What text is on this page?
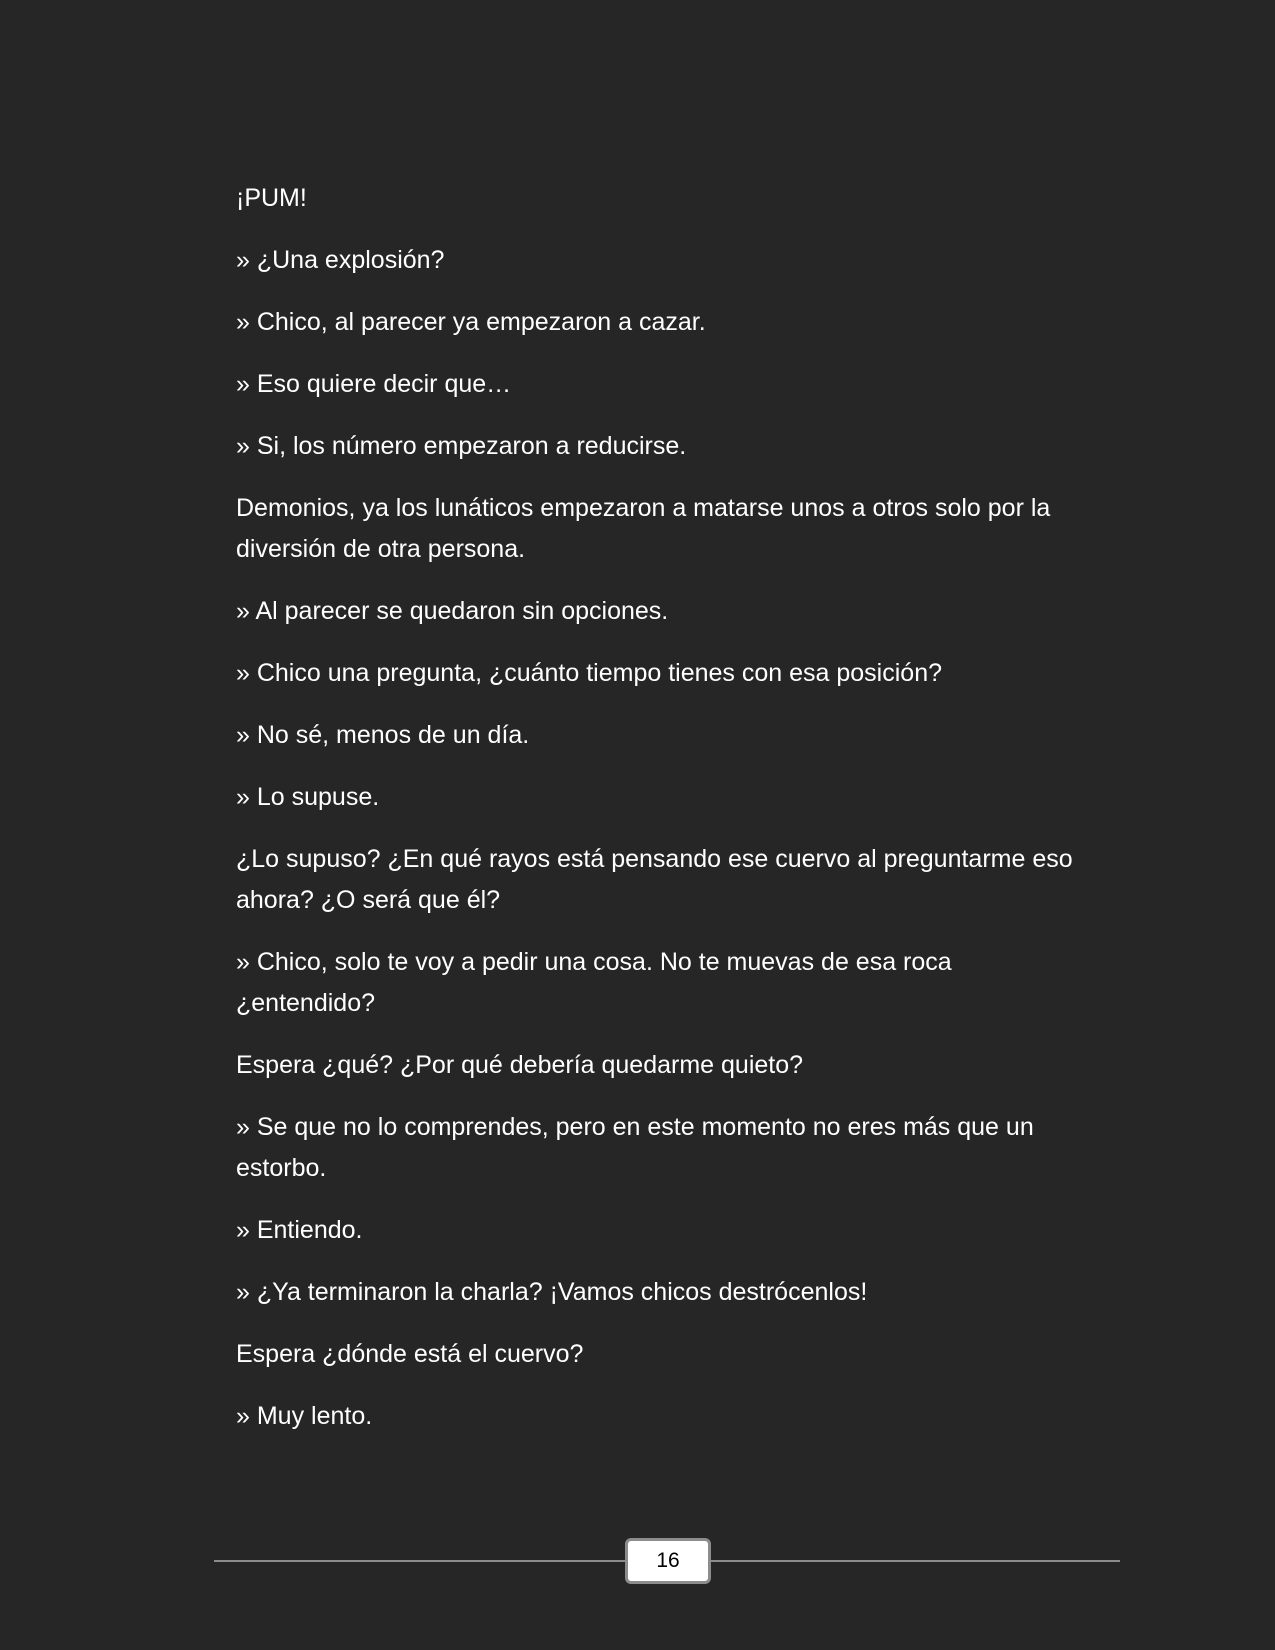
¡PUM!

» ¿Una explosión?

» Chico, al parecer ya empezaron a cazar.

» Eso quiere decir que…

» Si, los número empezaron a reducirse.

Demonios, ya los lunáticos empezaron a matarse unos a otros solo por la diversión de otra persona.

» Al parecer se quedaron sin opciones.

» Chico una pregunta, ¿cuánto tiempo tienes con esa posición?

» No sé, menos de un día.

» Lo supuse.

¿Lo supuso? ¿En qué rayos está pensando ese cuervo al preguntarme eso ahora? ¿O será que él?

» Chico, solo te voy a pedir una cosa. No te muevas de esa roca ¿entendido?

Espera ¿qué? ¿Por qué debería quedarme quieto?

» Se que no lo comprendes, pero en este momento no eres más que un estorbo.

» Entiendo.

» ¿Ya terminaron la charla? ¡Vamos chicos destrócenlos!

Espera ¿dónde está el cuervo?

» Muy lento.

16
